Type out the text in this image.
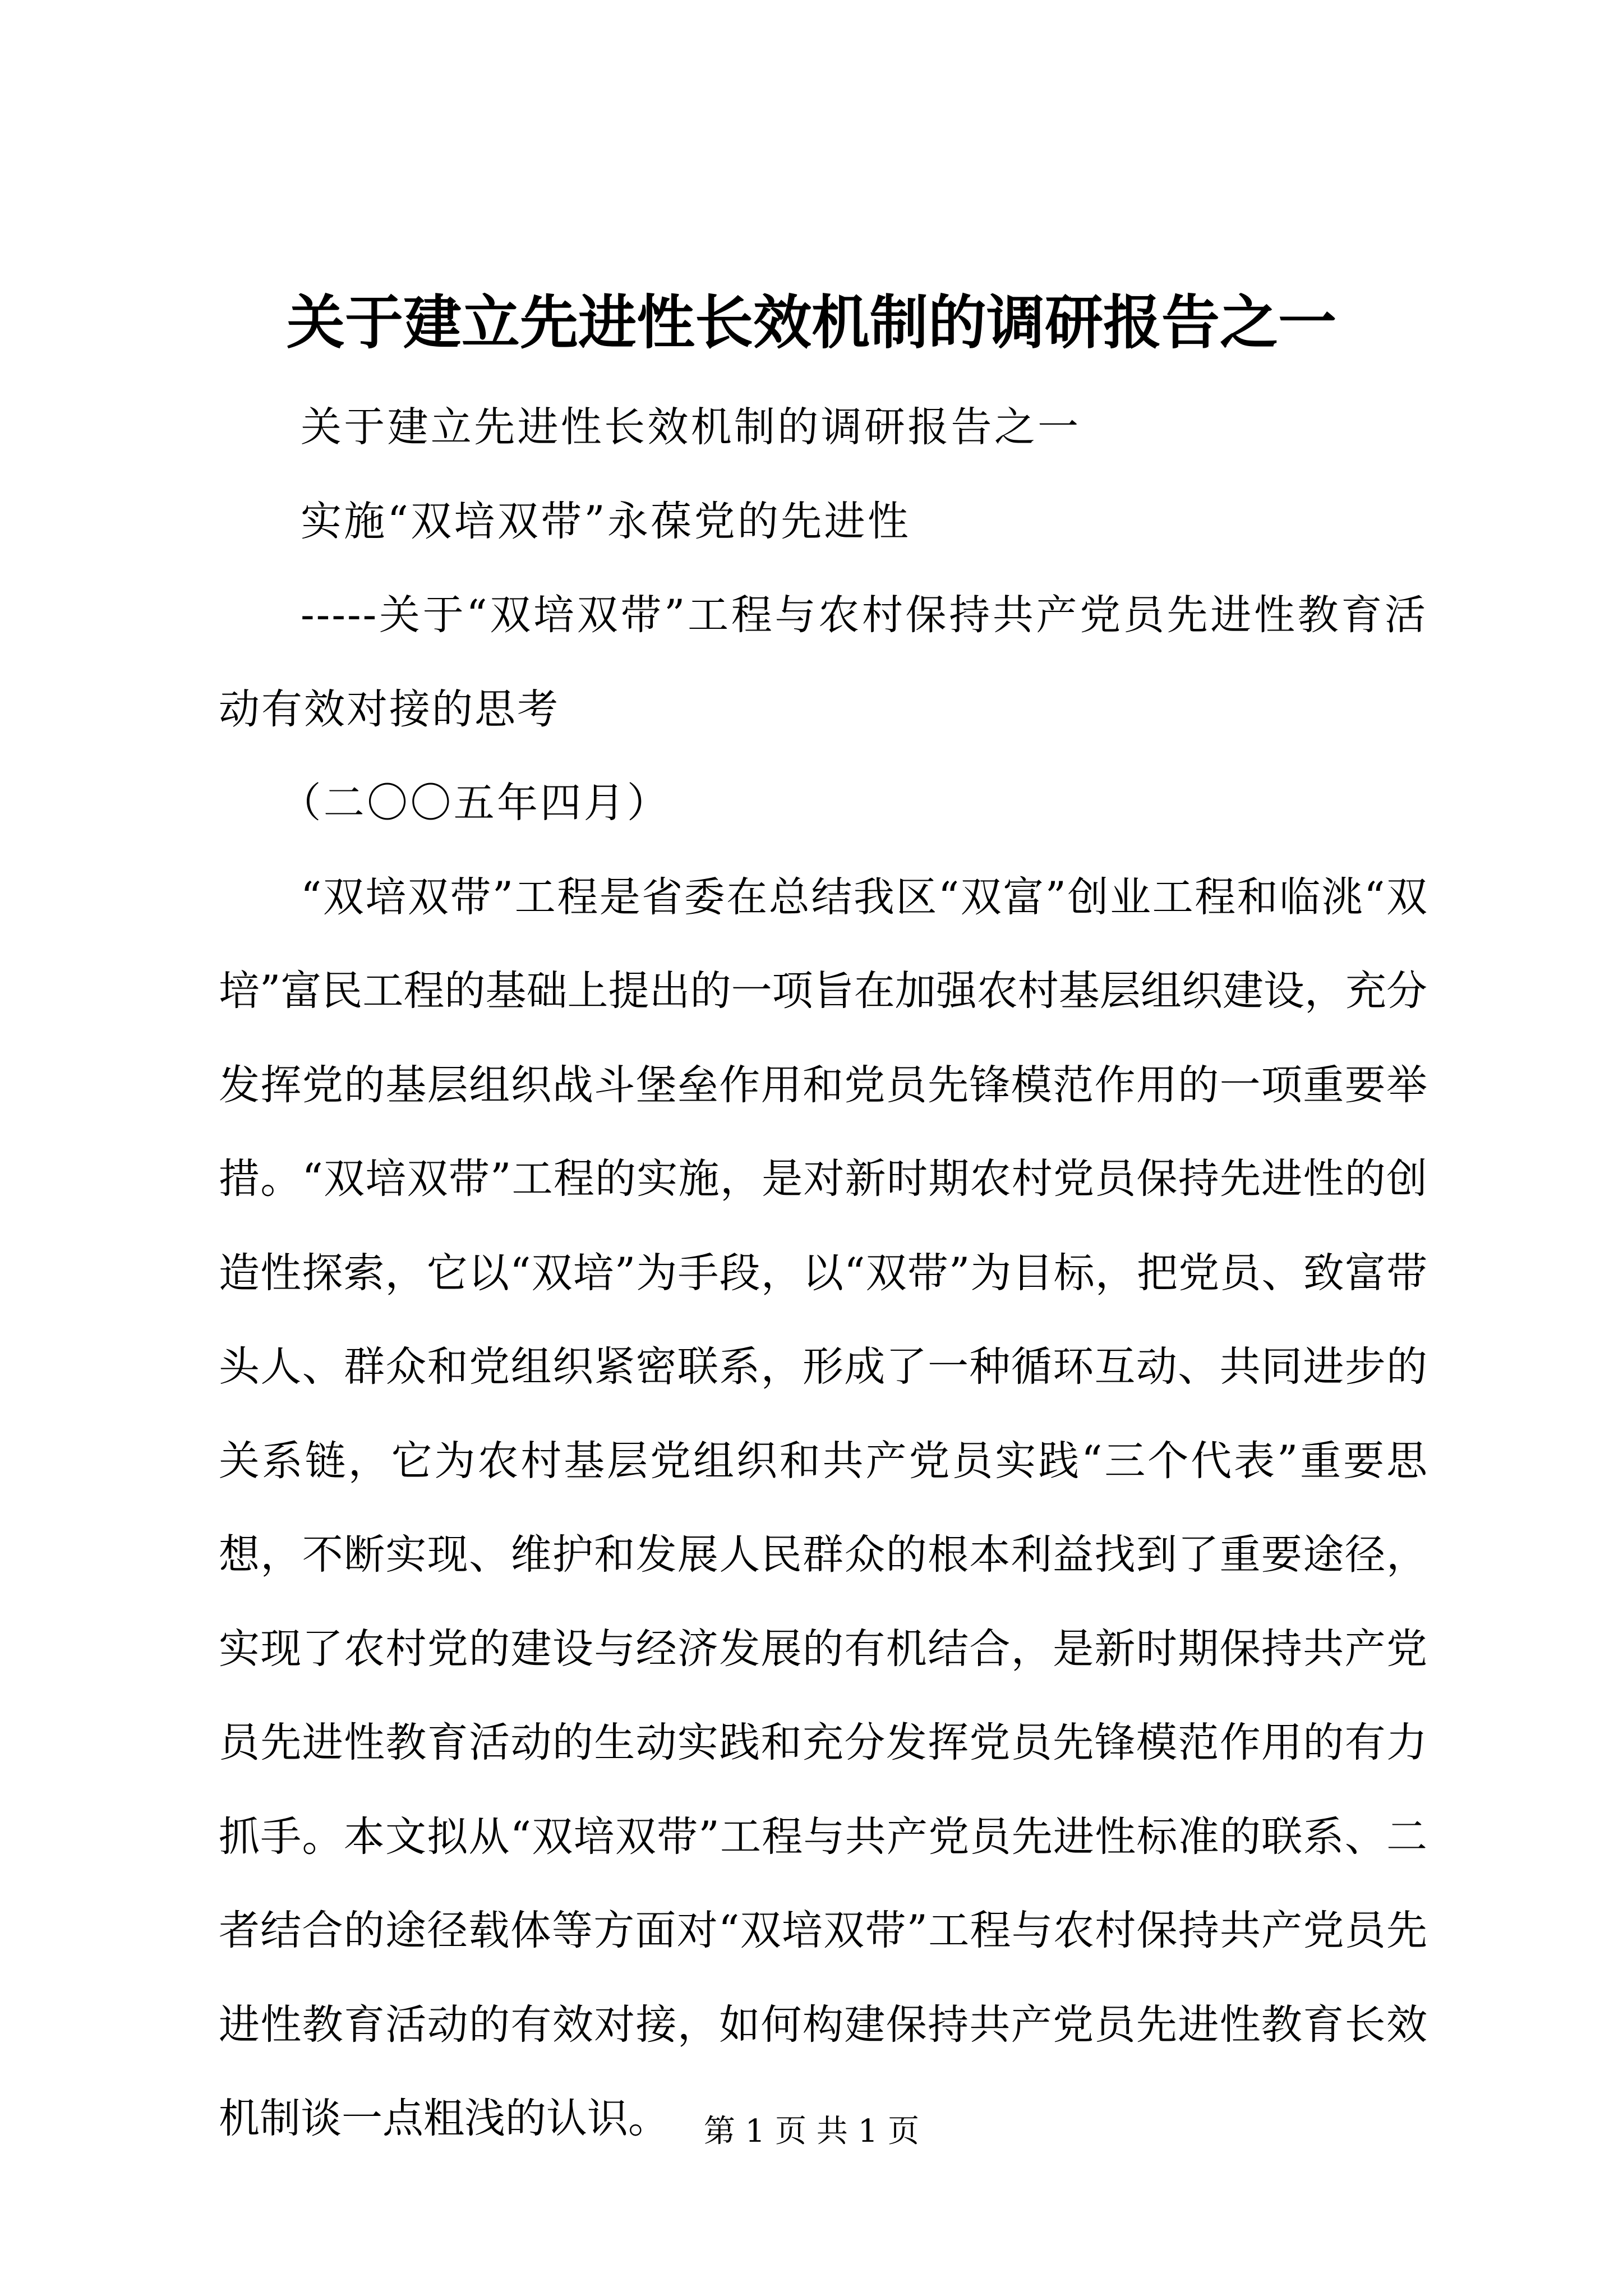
关于建立先进性长效机制的调研报告之一

关于建立先进性长效机制的调研报告之一

实施“双培双带”永葆党的先进性

-----关于“双培双带”工程与农村保持共产党员先进性教育活动有效对接的思考

（二〇〇五年四月）

“双培双带”工程是省委在总结我区“双富”创业工程和临洮“双培”富民工程的基础上提出的一项旨在加强农村基层组织建设，充分发挥党的基层组织战斗堡垒作用和党员先锋模范作用的一项重要举措。“双培双带”工程的实施，是对新时期农村党员保持先进性的创造性探索，它以“双培”为手段，以“双带”为目标，把党员、致富带头人、群众和党组织紧密联系，形成了一种循环互动、共同进步的关系链，它为农村基层党组织和共产党员实践“三个代表”重要思想，不断实现、维护和发展人民群众的根本利益找到了重要途径，实现了农村党的建设与经济发展的有机结合，是新时期保持共产党员先进性教育活动的生动实践和充分发挥党员先锋模范作用的有力抓手。本文拟从“双培双带”工程与共产党员先进性标准的联系、二者结合的途径载体等方面对“双培双带”工程与农村保持共产党员先进性教育活动的有效对接，如何构建保持共产党员先进性教育长效机制谈一点粗浅的认识。	第 1 页 共 1 页
